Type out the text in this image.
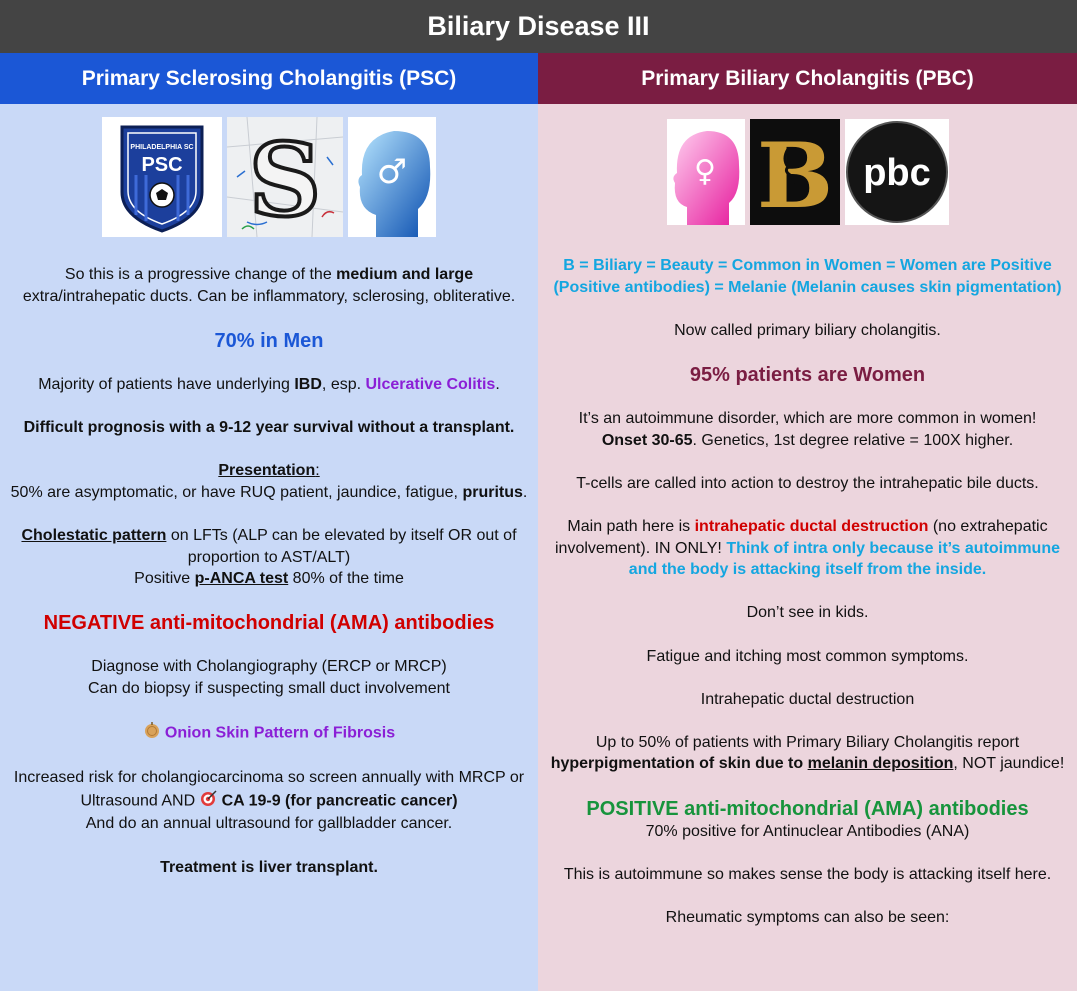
Biliary Disease III
Primary Sclerosing Cholangitis (PSC)
PHILADELPHIA SC
PSC S ♂

So this is a progressive change of the medium and large extra/intrahepatic ducts. Can be inflammatory, sclerosing, obliterative.

70% in Men

Majority of patients have underlying IBD, esp. Ulcerative Colitis.

Difficult prognosis with a 9-12 year survival without a transplant.

Presentation:
50% are asymptomatic, or have RUQ patient, jaundice, fatigue, pruritus.

Cholestatic pattern on LFTs (ALP can be elevated by itself OR out of proportion to AST/ALT)
Positive p-ANCA test 80% of the time

NEGATIVE anti-mitochondrial (AMA) antibodies

Diagnose with Cholangiography (ERCP or MRCP)
Can do biopsy if suspecting small duct involvement

Onion Skin Pattern of Fibrosis

Increased risk for cholangiocarcinoma so screen annually with MRCP or Ultrasound AND CA 19-9 (for pancreatic cancer)
And do an annual ultrasound for gallbladder cancer.

Treatment is liver transplant.

Primary Biliary Cholangitis (PBC)
♀ B pbc

B = Biliary = Beauty = Common in Women = Women are Positive (Positive antibodies) = Melanie (Melanin causes skin pigmentation)

Now called primary biliary cholangitis.

95% patients are Women

It’s an autoimmune disorder, which are more common in women!
Onset 30-65. Genetics, 1st degree relative = 100X higher.

T-cells are called into action to destroy the intrahepatic bile ducts.

Main path here is intrahepatic ductal destruction (no extrahepatic involvement). IN ONLY! Think of intra only because it’s autoimmune and the body is attacking itself from the inside.

Don’t see in kids.

Fatigue and itching most common symptoms.

Intrahepatic ductal destruction

Up to 50% of patients with Primary Biliary Cholangitis report hyperpigmentation of skin due to melanin deposition, NOT jaundice!

POSITIVE anti-mitochondrial (AMA) antibodies

70% positive for Antinuclear Antibodies (ANA)

This is autoimmune so makes sense the body is attacking itself here.

Rheumatic symptoms can also be seen:
